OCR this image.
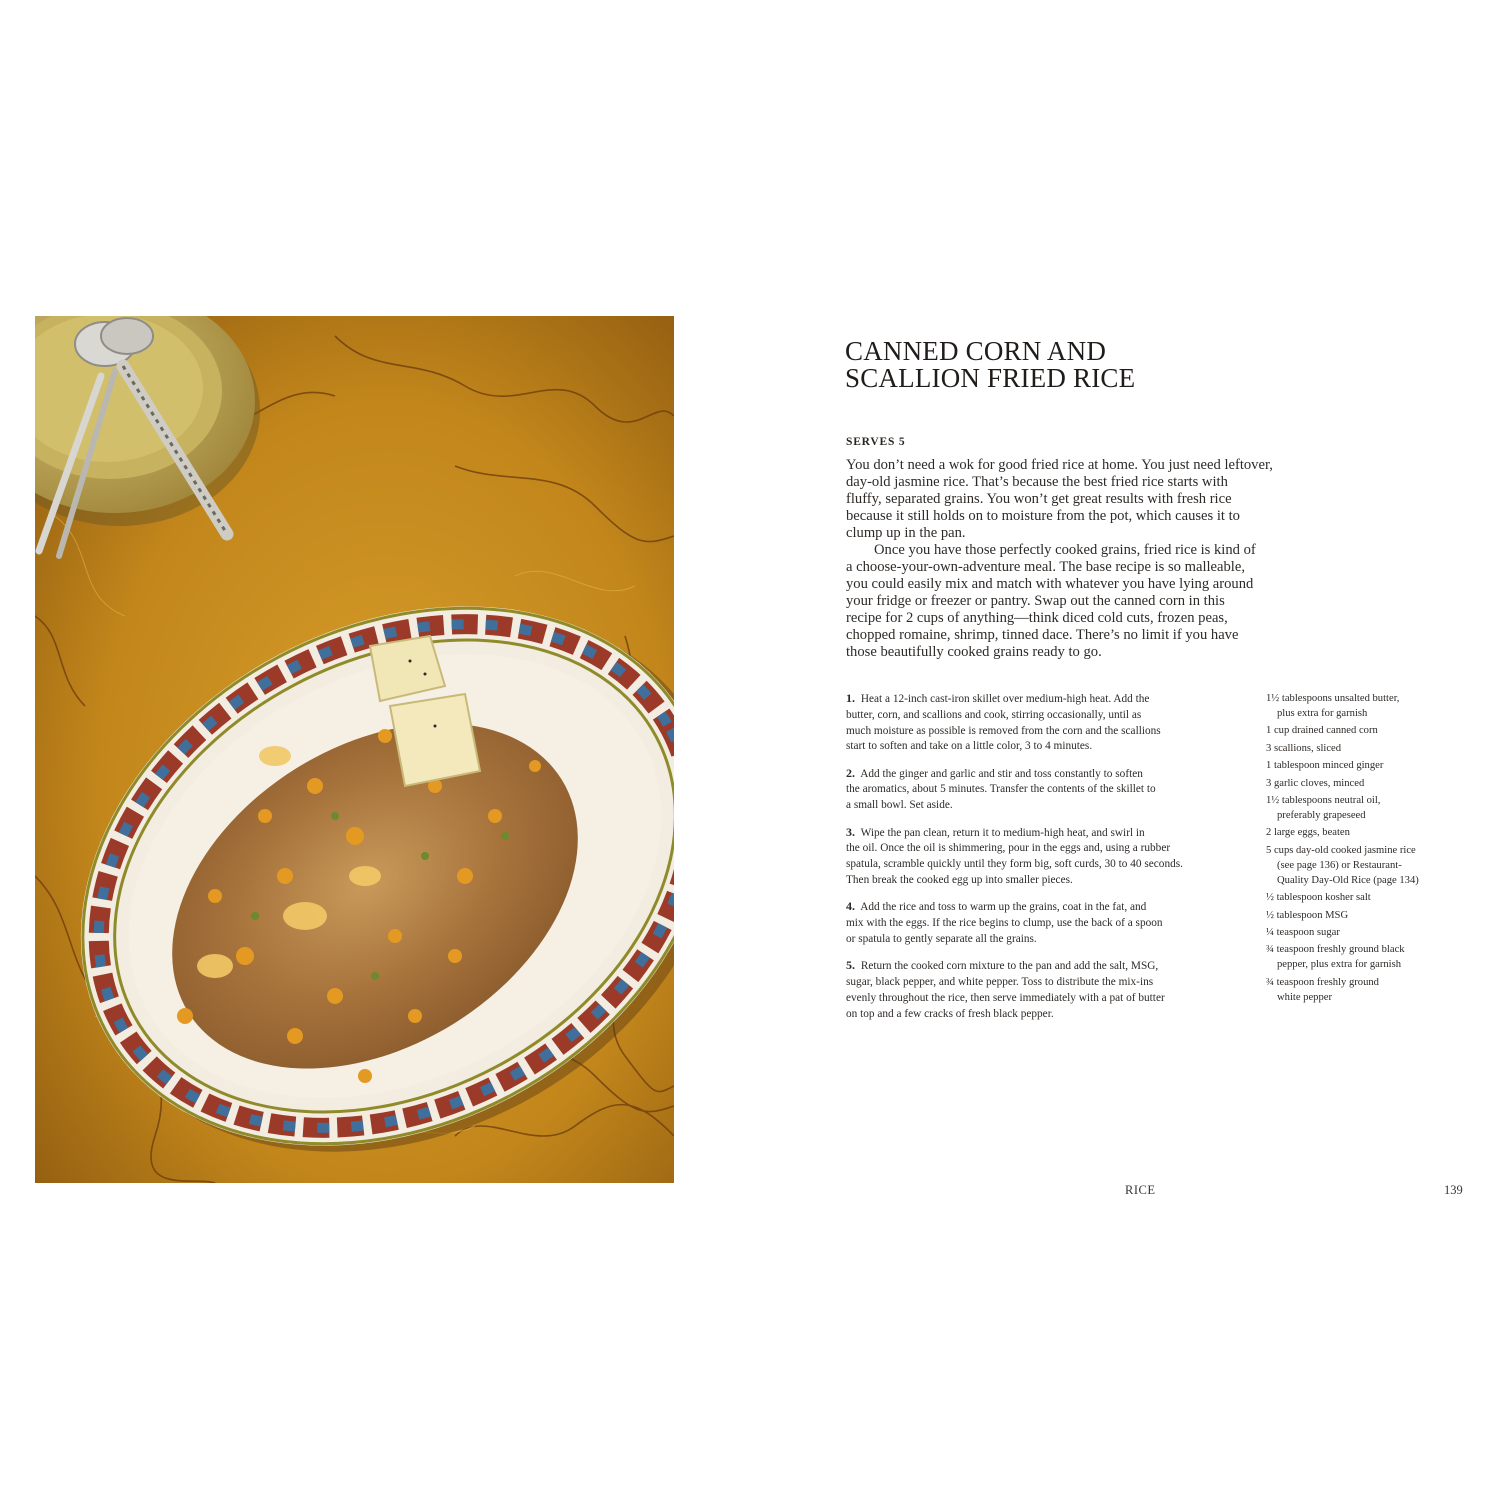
CANNED CORN AND
SCALLION FRIED RICE
SERVES 5

You don’t need a wok for good fried rice at home. You just need leftover,
day-old jasmine rice. That’s because the best fried rice starts with
fluffy, separated grains. You won’t get great results with fresh rice
because it still holds on to moisture from the pot, which causes it to
clump up in the pan.

Once you have those perfectly cooked grains, fried rice is kind of
a choose-your-own-adventure meal. The base recipe is so malleable,
you could easily mix and match with whatever you have lying around
your fridge or freezer or pantry. Swap out the canned corn in this
recipe for 2 cups of anything—think diced cold cuts, frozen peas,
chopped romaine, shrimp, tinned dace. There’s no limit if you have
those beautifully cooked grains ready to go.

1. Heat a 12-inch cast-iron skillet over medium-high heat. Add the
butter, corn, and scallions and cook, stirring occasionally, until as
much moisture as possible is removed from the corn and the scallions
start to soften and take on a little color, 3 to 4 minutes.
2. Add the ginger and garlic and stir and toss constantly to soften
the aromatics, about 5 minutes. Transfer the contents of the skillet to
a small bowl. Set aside.
3. Wipe the pan clean, return it to medium-high heat, and swirl in
the oil. Once the oil is shimmering, pour in the eggs and, using a rubber
spatula, scramble quickly until they form big, soft curds, 30 to 40 seconds.
Then break the cooked egg up into smaller pieces.
4. Add the rice and toss to warm up the grains, coat in the fat, and
mix with the eggs. If the rice begins to clump, use the back of a spoon
or spatula to gently separate all the grains.
5. Return the cooked corn mixture to the pan and add the salt, MSG,
sugar, black pepper, and white pepper. Toss to distribute the mix-ins
evenly throughout the rice, then serve immediately with a pat of butter
on top and a few cracks of fresh black pepper.
1½ tablespoons unsalted butter,
plus extra for garnish
1 cup drained canned corn
3 scallions, sliced
1 tablespoon minced ginger
3 garlic cloves, minced
1½ tablespoons neutral oil,
preferably grapeseed
2 large eggs, beaten
5 cups day-old cooked jasmine rice
(see page 136) or Restaurant-
Quality Day-Old Rice (page 134)
½ tablespoon kosher salt
½ tablespoon MSG
¼ teaspoon sugar
¾ teaspoon freshly ground black
pepper, plus extra for garnish
¾ teaspoon freshly ground
white pepper
RICE	139
